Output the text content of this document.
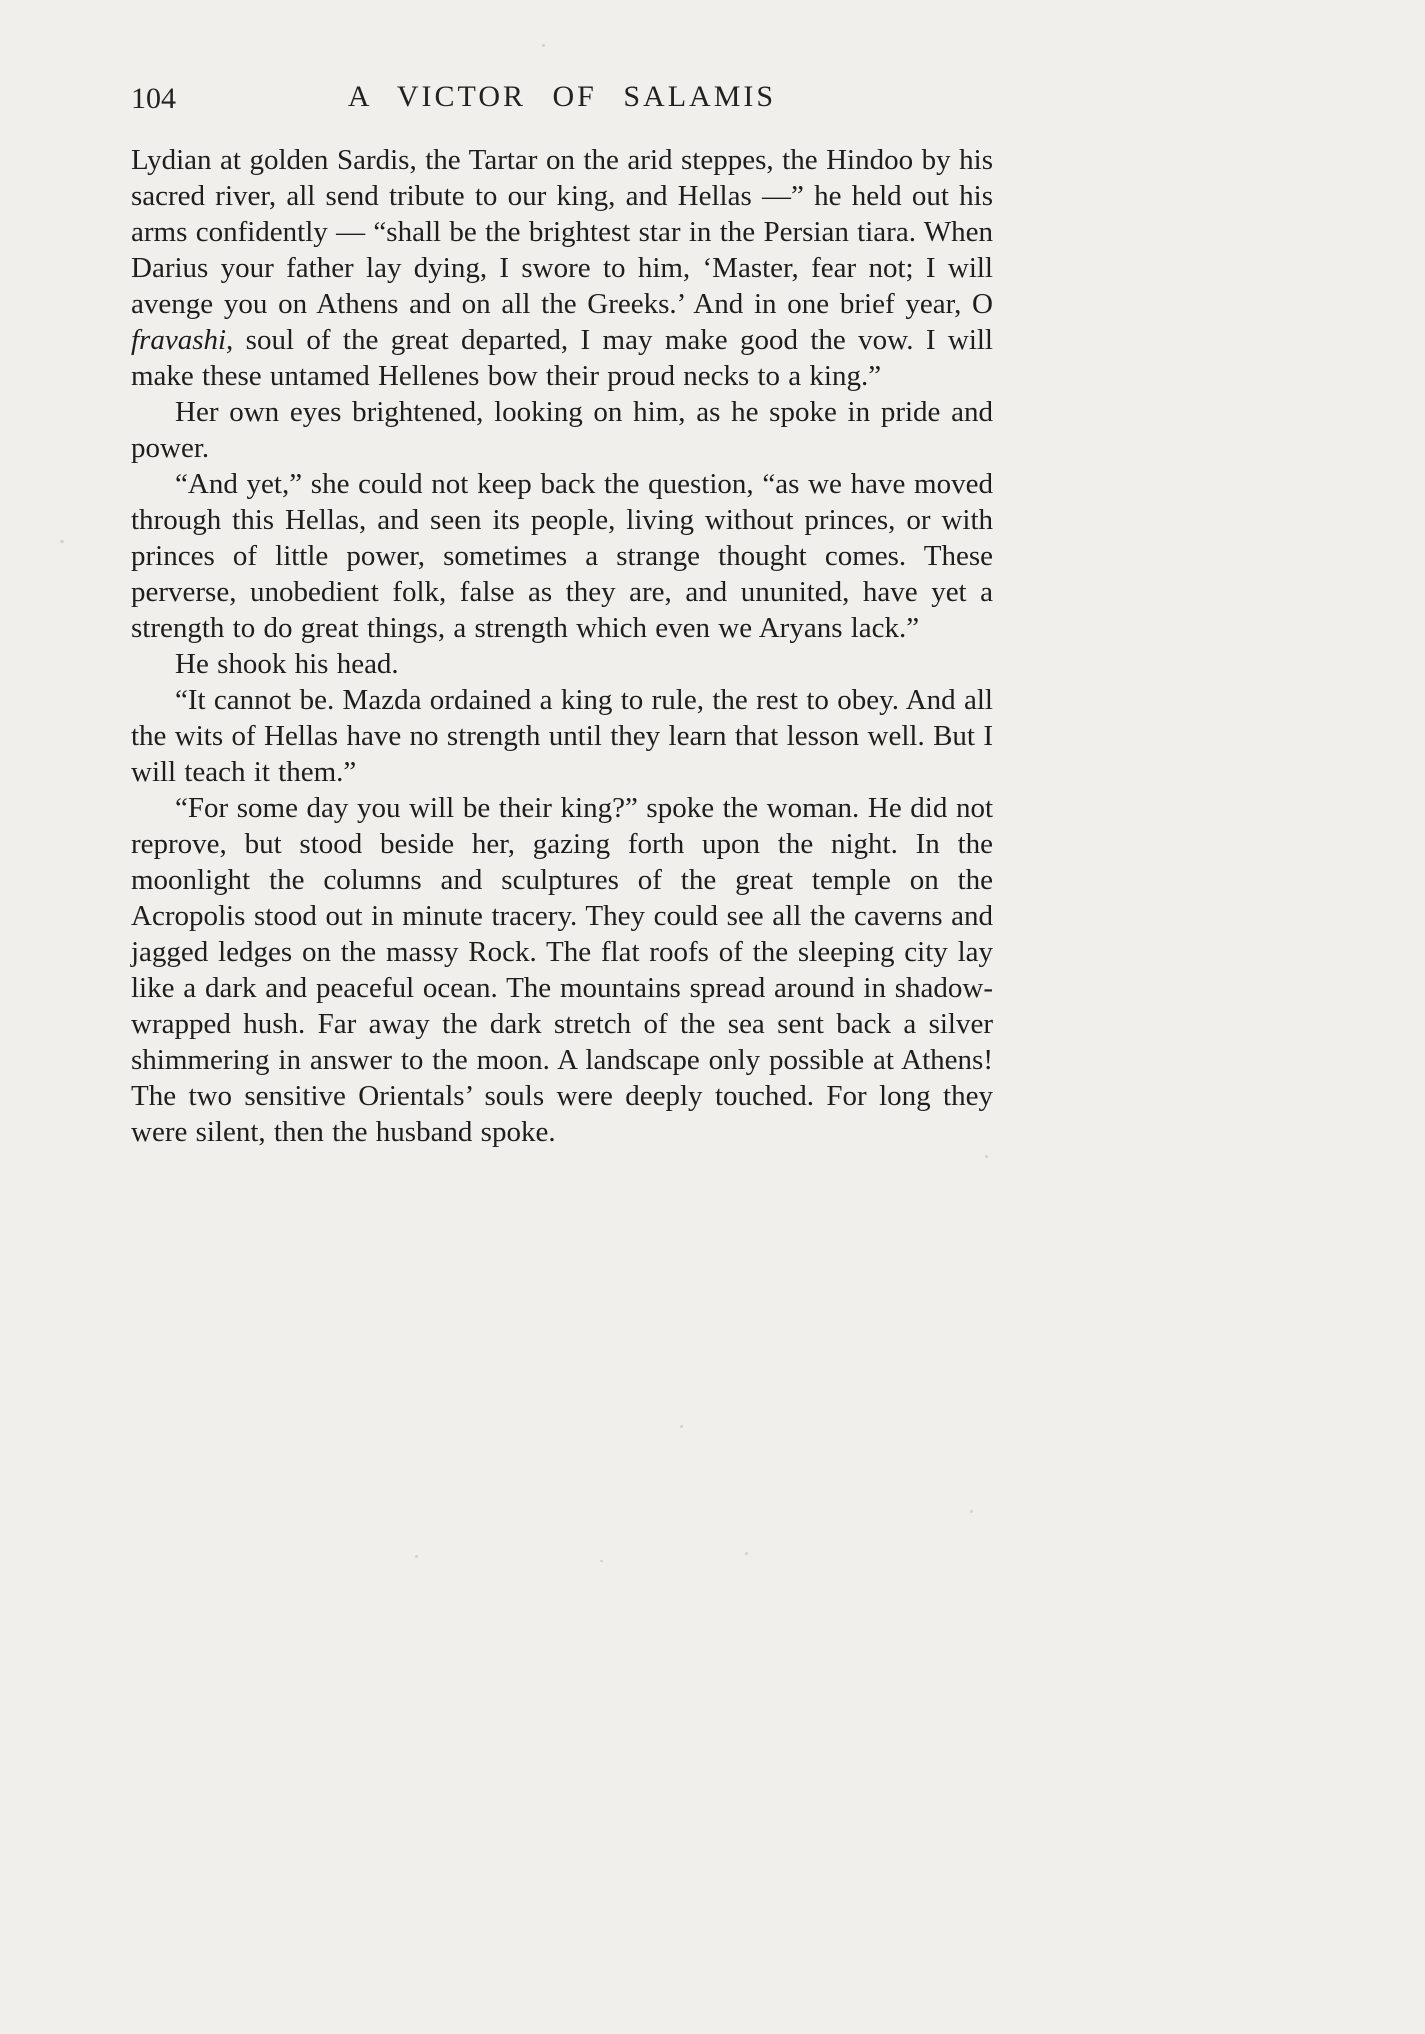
104	A VICTOR OF SALAMIS

Lydian at golden Sardis, the Tartar on the arid steppes, the Hindoo by his sacred river, all send tribute to our king, and Hellas —” he held out his arms confidently — “shall be the brightest star in the Persian tiara. When Darius your father lay dying, I swore to him, ‘Master, fear not; I will avenge you on Athens and on all the Greeks.’ And in one brief year, O fravashi, soul of the great departed, I may make good the vow. I will make these untamed Hellenes bow their proud necks to a king.”

Her own eyes brightened, looking on him, as he spoke in pride and power.

“And yet,” she could not keep back the question, “as we have moved through this Hellas, and seen its people, living without princes, or with princes of little power, sometimes a strange thought comes. These perverse, unobedient folk, false as they are, and ununited, have yet a strength to do great things, a strength which even we Aryans lack.”

He shook his head.

“It cannot be. Mazda ordained a king to rule, the rest to obey. And all the wits of Hellas have no strength until they learn that lesson well. But I will teach it them.”

“For some day you will be their king?” spoke the woman. He did not reprove, but stood beside her, gazing forth upon the night. In the moonlight the columns and sculptures of the great temple on the Acropolis stood out in minute tracery. They could see all the caverns and jagged ledges on the massy Rock. The flat roofs of the sleeping city lay like a dark and peaceful ocean. The mountains spread around in shadow-wrapped hush. Far away the dark stretch of the sea sent back a silver shimmering in answer to the moon. A landscape only possible at Athens! The two sensitive Orientals’ souls were deeply touched. For long they were silent, then the husband spoke.
